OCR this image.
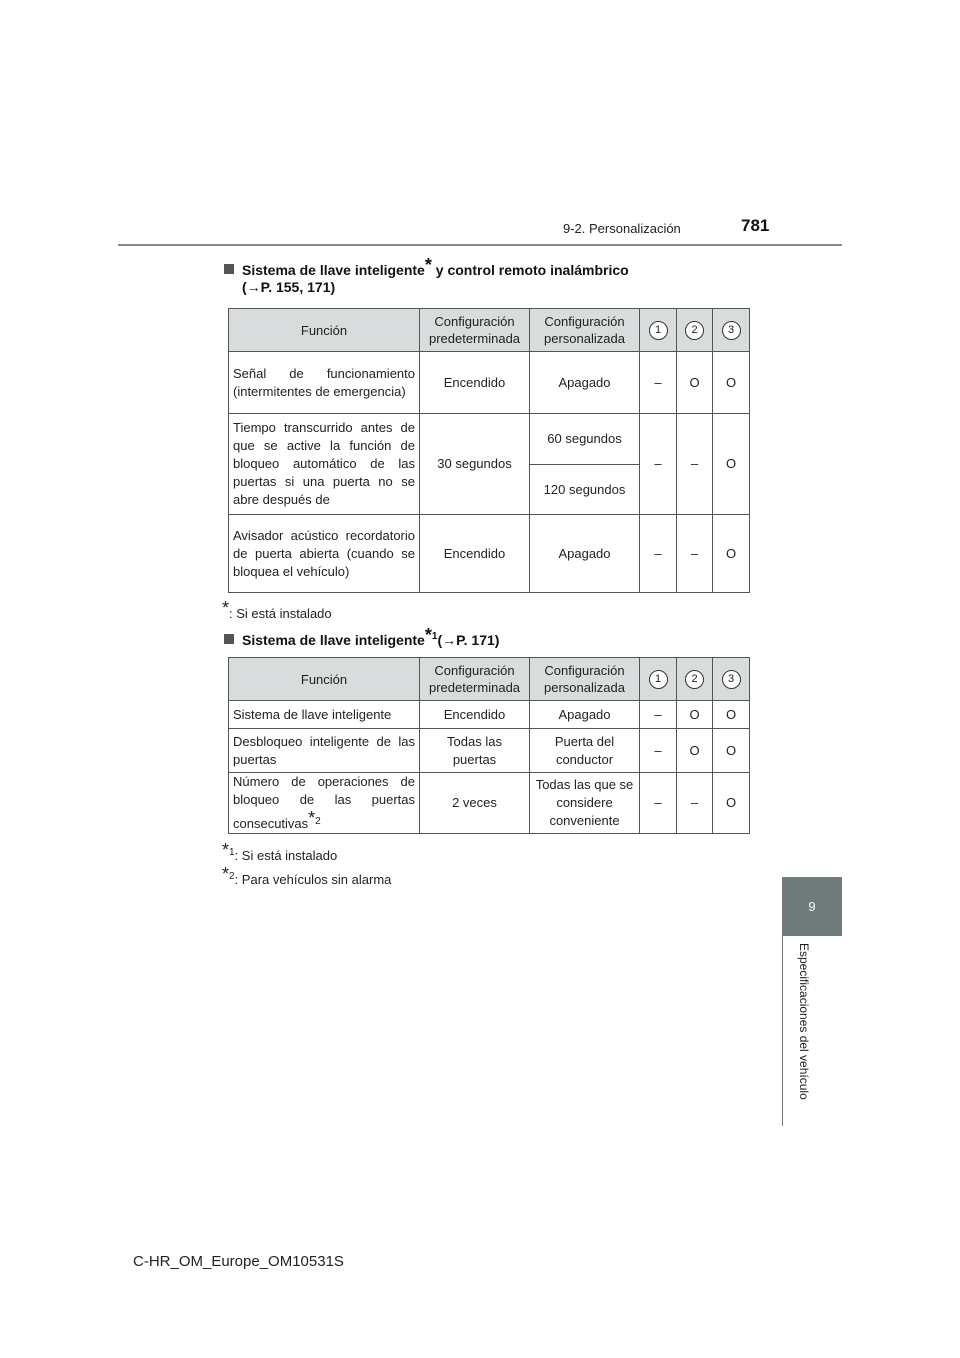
9-2. Personalización	781
9
Especificaciones del vehículo
Sistema de llave inteligente* y control remoto inalámbrico
(→P. 155, 171)
Función	Configuración predeterminada	Configuración personalizada	1	2	3
Señal de funcionamiento (intermitentes de emergencia)	Encendido	Apagado	–	O	O
Tiempo transcurrido antes de que se active la función de bloqueo automático de las puertas si una puerta no se abre después de	30 segundos	60 segundos	–	–	O
		120 segundos			
Avisador acústico recordatorio de puerta abierta (cuando se bloquea el vehículo)	Encendido	Apagado	–	–	O
*: Si está instalado
Sistema de llave inteligente*$^1$(→P. 171)
Función	Configuración predeterminada	Configuración personalizada	1	2	3
Sistema de llave inteligente	Encendido	Apagado	–	O	O
Desbloqueo inteligente de las puertas	Todas las puertas	Puerta del conductor	–	O	O
Número de operaciones de bloqueo de las puertas consecutivas*$^2$	2 veces	Todas las que se considere conveniente	–	–	O
*$^1$: Si está instalado
*$^2$: Para vehículos sin alarma
C-HR_OM_Europe_OM10531S
